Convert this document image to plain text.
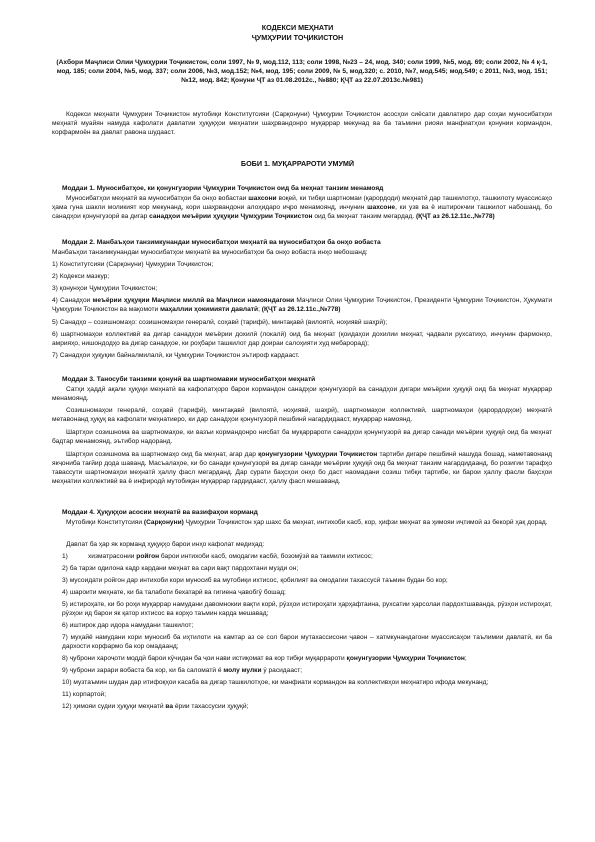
КОДЕКСИ МЕҲНАТИ
ҶУМҲУРИИ ТОҶИКИСТОН
(Ахбори Маҷлиси Олии Ҷумҳурии Тоҷикистон, соли 1997, № 9, мод.112, 113; соли 1998, №23 – 24, мод. 340; соли 1999, №5, мод. 69; соли 2002, № 4 қ-1, мод. 185; соли 2004, №5, мод. 337; соли 2006, №3, мод.152; №4, мод. 195; соли 2009, № 5, мод.320; с. 2010, №7, мод.545; мод.549; с 2011, №3, мод. 151; №12, мод. 842; Қонуни ҶТ аз 01.08.2012с., №880; ҚҶТ аз 22.07.2013с.№981)
Кодекси меҳнати Ҷумҳурии Тоҷикистон мутобиқи Конститутсияи (Сарқонуни) Ҷумҳурии Тоҷикистон асосҳои сиёсати давлатиро дар соҳаи муносибатҳои меҳнатӣ муайян намуда кафолати давлатии ҳуқуқҳои меҳнатии шаҳрвандонро муқаррар мекунад ва ба таъмини риояи манфиатҳои қонунии кормандон, корфармоён ва давлат равона шудааст.
БОБИ 1. МУҚАРРАРОТИ УМУМӢ
Моддаи 1. Муносибатҳое, ки қонунгузории Ҷумҳурии Тоҷикистон оид ба меҳнат танзим менамояд
Муносибатҳои меҳнатӣ ва муносибатҳои ба онҳо вобастаи шахсони воқеӣ, ки тибқи шартномаи (қарордоди) меҳнатӣ дар ташкилотҳо, ташкилоту муассисаҳо ҳама гуна шакли моликият кор мекунанд, кори шаҳрвандони алоҳидаро иҷро менамоянд, инчунин шахсоне, ки узв ва ё иштирокчии ташкилот набошанд, бо санадҳои қонунгузорӣ ва дигар санадҳои меъёрии ҳуқуқии Ҷумҳурии Тоҷикистон оид ба меҳнат танзим мегардад. (ҚҶТ аз 26.12.11с.,№778)
Моддаи 2. Манбаъҳои танзимкунандаи муносибатҳои меҳнатӣ ва муносибатҳои ба онҳо вобаста
Манбаъҳои танзимкунандаи муносибатҳои меҳнатӣ ва муносибатҳои ба онҳо вобаста инҳо мебошанд:
1) Конститутсияи (Сарқонуни) Ҷумҳурии Тоҷикистон;
2) Кодекси мазкур;
3) қонунҳои Ҷумҳурии Тоҷикистон;
4) Санадҳои меъёрии ҳуқуқии Маҷлиси миллӣ ва Маҷлиси намояндагони Маҷлиси Олии Ҷумҳурии Тоҷикистон, Президенти Ҷумҳурии Тоҷикистон, Ҳукумати Ҷумҳурии Тоҷикистон ва мақомоти маҳаллии ҳокимияти давлатӣ; (ҚҶТ аз 26.12.11с.,№778)
5) Санадҳо – созишномаҳо: созишномаҳои генералӣ, соҳавӣ (тарифӣ), минтақавӣ (вилоятӣ, ноҳиявӣ шаҳрӣ);
6) шартномаҳои коллективӣ ва дигар санадҳои меъёрии дохилӣ (локалӣ) оид ба меҳнат (қоидаҳои дохилии меҳнат, ҷадвали рухсатиҳо, инчунин фармонҳо, амрияҳо, нишондодҳо ва дигар санадҳое, ки роҳбари ташкилот дар доираи салоҳияти худ мебарорад);
7) Санадҳои ҳуқуқии байналмилалӣ, ки Ҷумҳурии Тоҷикистон эътироф кардааст.
Моддаи 3. Таносуби танзими қонунӣ ва шартномавии муносибатҳои меҳнатӣ
Сатҳи ҳаддӣ ақали ҳуқуқи меҳнатӣ ва кафолатҳоро барои кормандон санадҳои қонунгузорӣ ва санадҳои дигари меъёрии ҳуқуқӣ оид ба меҳнат муқаррар менамоянд.
Созишномаҳои генералӣ, соҳавӣ (тарифӣ), минтақавӣ (вилоятӣ, ноҳиявӣ, шаҳрӣ), шартномаҳои коллективӣ, шартномаҳои (қарордодҳои) меҳнатӣ метавонанд ҳуқуқ ва кафолати меҳнатиеро, ки дар санадҳои қонунгузорӣ пешбинӣ нагардидааст, муқаррар намоянд.
Шартҳои созишнома ва шартномаҳое, ки вазъи кормандонро нисбат ба муқаррароти санадҳои қонунгузорӣ ва дигар санади меъёрии ҳуқуқӣ оид ба меҳнат бадтар менамоянд, эътибор надоранд.
Шартҳои созишнома ва шартномаҳо оид ба меҳнат, агар дар қонунгузории Ҷумҳурии Тоҷикистон тартиби дигаре пешбинӣ нашуда бошад, наметавонанд якҷониба тағйир дода шаванд. Масъалаҳое, ки бо санади қонунгузорӣ ва дигар санади меъёрии ҳуқуқӣ оид ба меҳнат танзим нагардидаанд, бо розигии тарафҳо тавассути шартномаҳои меҳнатӣ ҳаллу фасл мегарданд. Дар сурати баҳсҳои онҳо бо даст наомадани созиш тибқи тартибе, ки барои ҳаллу фасли баҳсҳои меҳнатии коллективӣ ва ё инфиродӣ мутобиқан муқаррар гардидааст, ҳаллу фасл мешаванд.
Моддаи 4. Ҳуқуқҳои асосии меҳнатӣ ва вазифаҳои корманд
Мутобиқи Конститутсияи (Сарқонуни) Ҷумҳурии Тоҷикистон ҳар шахс ба меҳнат, интихоби касб, кор, ҳифзи меҳнат ва ҳимояи иҷтимоӣ аз бекорӣ ҳақ дорад.
Давлат ба ҳар як корманд ҳуқуқҳо барои инҳо кафолат медиҳад:
1)	хизматрасонии ройгон барои интихоби касб, омодагии касбӣ, бозомӯзӣ ва такмили ихтисос;
2) ба тарзи одилона кадр кардани меҳнат ва сари вақт пардохтани музди он;
3) мусоидати ройгон дар интихоби кори муносиб ва мутобиқи ихтисос, қобилият ва омодагии тахассусӣ таъмин будан бо кор;
4) шароити меҳнате, ки ба талаботи бехатарӣ ва гигиена ҷавобгӯ бошад;
5) истироҳате, ки бо роҳи муқаррар намудани давомнокии вақти корӣ, рӯзҳои истироҳати ҳарҳафтаина, рухсатии ҳарсолаи пардохтшаванда, рӯзҳои истироҳат, рӯзҳои ид барои як қатор ихтисос ва корҳо таъмин карда мешавад;
6) иштирок дар идора намудани ташкилот;
7) муҳайё намудани кори муносиб ба иҳтилоти на камтар аз се сол барои мутахассисони ҷавон – хатмкунандагони муассисаҳои таълимии давлатӣ, ки ба дархости корфармо ба кор омадаанд;
8) ҷуброни хароҷоти моддӣ барои кӯчидан ба ҷои нави истиқомат ва кор тибқи муқаррароти қонунгузории Ҷумҳурии Тоҷикистон;
9) ҷуброни зарари вобаста ба кор, ки ба саломатӣ ё молу мулки ӯ расидааст;
10) музтаъмин шудан дар итифоқҳои касаба ва дигар ташкилотҳое, ки манфиати кормандон ва коллективҳои меҳнатиро ифода мекунанд;
11) корпартоӣ;
12) ҳимояи судии ҳуқуқи меҳнатӣ ва ёрии тахассусии ҳуқуқӣ;
